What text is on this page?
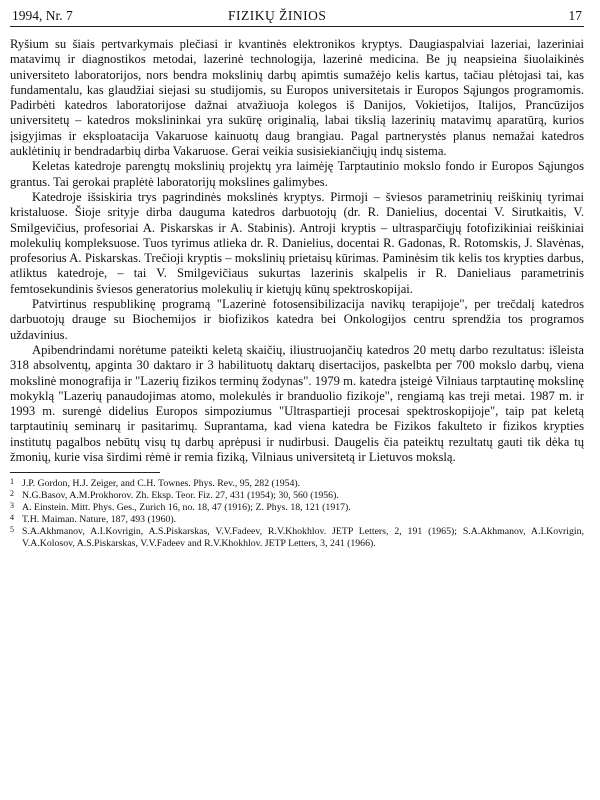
1994, Nr. 7	FIZIKŲ ŽINIOS	17

Ryšium su šiais pertvarkymais plečiasi ir kvantinės elektronikos kryptys. Daugiaspalviai lazeriai, lazeriniai matavimų ir diagnostikos metodai, lazerinė technologija, lazerinė medicina. Be jų neapsieina šiuolaikinės universiteto laboratorijos, nors bendra mokslinių darbų apimtis sumažėjo kelis kartus, tačiau plėtojasi tai, kas fundamentalu, kas glaudžiai siejasi su studijomis, su Europos universitetais ir Europos Sąjungos programomis. Padirbėti katedros laboratorijose dažnai atvažiuoja kolegos iš Danijos, Vokietijos, Italijos, Prancūzijos universitetų – katedros mokslininkai yra sukūrę originalią, labai tikslią lazerinių matavimų aparatūrą, kurios įsigyjimas ir eksploatacija Vakaruose kainuotų daug brangiau. Pagal partnerystės planus nemažai katedros auklėtinių ir bendradarbių dirba Vakaruose. Gerai veikia susisiekiančiųjų indų sistema.

Keletas katedroje parengtų mokslinių projektų yra laimėję Tarptautinio mokslo fondo ir Europos Sąjungos grantus. Tai gerokai praplėtė laboratorijų mokslines galimybes.

Katedroje išsiskiria trys pagrindinės mokslinės kryptys. Pirmoji – šviesos parametrinių reiškinių tyrimai kristaluose. Šioje srityje dirba dauguma katedros darbuotojų (dr. R. Danielius, docentai V. Sirutkaitis, V. Smilgevičius, profesoriai A. Piskarskas ir A. Stabinis). Antroji kryptis – ultrasparčiųjų fotofizikiniai reiškiniai molekulių kompleksuose. Tuos tyrimus atlieka dr. R. Danielius, docentai R. Gadonas, R. Rotomskis, J. Slavėnas, profesorius A. Piskarskas. Trečioji kryptis – mokslinių prietaisų kūrimas. Paminėsim tik kelis tos krypties darbus, atliktus katedroje, – tai V. Smilgevičiaus sukurtas lazerinis skalpelis ir R. Danieliaus parametrinis femtosekundinis šviesos generatorius molekulių ir kietųjų kūnų spektroskopijai.

Patvirtinus respublikinę programą "Lazerinė fotosensibilizacija navikų terapijoje", per trečdalį katedros darbuotojų drauge su Biochemijos ir biofizikos katedra bei Onkologijos centru sprendžia tos programos uždavinius.

Apibendrindami norėtume pateikti keletą skaičių, iliustruojančių katedros 20 metų darbo rezultatus: išleista 318 absolventų, apginta 30 daktaro ir 3 habilituotų daktarų disertacijos, paskelbta per 700 mokslo darbų, viena mokslinė monografija ir "Lazerių fizikos terminų žodynas". 1979 m. katedra įsteigė Vilniaus tarptautinę mokslinę mokyklą "Lazerių panaudojimas atomo, molekulės ir branduolio fizikoje", rengiamą kas treji metai. 1987 m. ir 1993 m. surengė didelius Europos simpoziumus "Ultraspartieji procesai spektroskopijoje", taip pat keletą tarptautinių seminarų ir pasitarimų. Suprantama, kad viena katedra be Fizikos fakulteto ir fizikos krypties institutų pagalbos nebūtų visų tų darbų aprėpusi ir nudirbusi. Daugelis čia pateiktų rezultatų gauti tik dėka tų žmonių, kurie visa širdimi rėmė ir remia fiziką, Vilniaus universitetą ir Lietuvos mokslą.

1 J.P. Gordon, H.J. Zeiger, and C.H. Townes. Phys. Rev., 95, 282 (1954).

2 N.G.Basov, A.M.Prokhorov. Zh. Eksp. Teor. Fiz. 27, 431 (1954); 30, 560 (1956).

3 A. Einstein. Mitt. Phys. Ges., Zurich 16, no. 18, 47 (1916); Z. Phys. 18, 121 (1917).

4 T.H. Maiman. Nature, 187, 493 (1960).

5 S.A.Akhmanov, A.I.Kovrigin, A.S.Piskarskas, V.V.Fadeev, R.V.Khokhlov. JETP Letters, 2, 191 (1965); S.A.Akhmanov, A.I.Kovrigin, V.A.Kolosov, A.S.Piskarskas, V.V.Fadeev and R.V.Khokhlov. JETP Letters, 3, 241 (1966).
